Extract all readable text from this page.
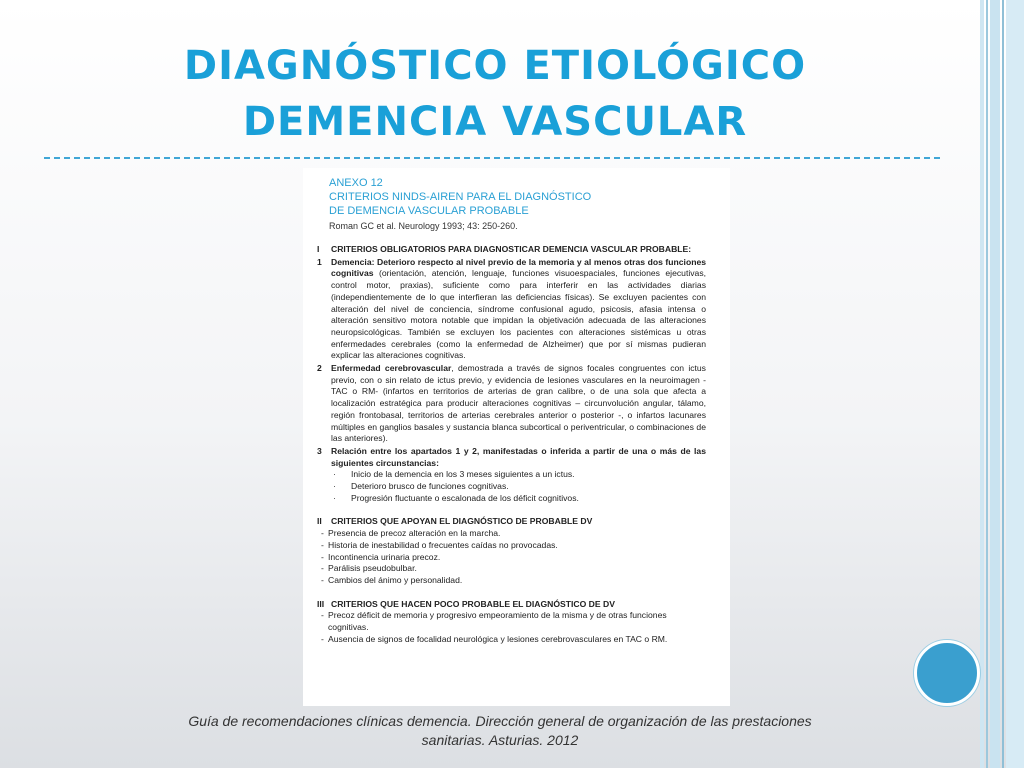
DIAGNÓSTICO ETIOLÓGICO
DEMENCIA VASCULAR
ANEXO 12
CRITERIOS NINDS-AIREN PARA EL DIAGNÓSTICO
DE DEMENCIA VASCULAR PROBABLE
Roman GC et al. Neurology 1993; 43: 250-260.
I	CRITERIOS OBLIGATORIOS PARA DIAGNOSTICAR DEMENCIA VASCULAR PROBABLE:
1	Demencia: Deterioro respecto al nivel previo de la memoria y al menos otras dos funciones cognitivas (orientación, atención, lenguaje, funciones visuoespaciales, funciones ejecutivas, control motor, praxias), suficiente como para interferir en las actividades diarias (independientemente de lo que interfieran las deficiencias físicas). Se excluyen pacientes con alteración del nivel de conciencia, síndrome confusional agudo, psicosis, afasia intensa o alteración sensitivo motora notable que impidan la objetivación adecuada de las alteraciones neuropsicológicas. También se excluyen los pacientes con alteraciones sistémicas u otras enfermedades cerebrales (como la enfermedad de Alzheimer) que por sí mismas pudieran explicar las alteraciones cognitivas.
2	Enfermedad cerebrovascular, demostrada a través de signos focales congruentes con ictus previo, con o sin relato de ictus previo, y evidencia de lesiones vasculares en la neuroimagen -TAC o RM- (infartos en territorios de arterias de gran calibre, o de una sola que afecta a localización estratégica para producir alteraciones cognitivas – circunvolución angular, tálamo, región frontobasal, territorios de arterias cerebrales anterior o posterior -, o infartos lacunares múltiples en ganglios basales y sustancia blanca subcortical o periventricular, o combinaciones de las anteriores).
3	Relación entre los apartados 1 y 2, manifestadas o inferida a partir de una o más de las siguientes circunstancias:
·	Inicio de la demencia en los 3 meses siguientes a un ictus.
·	Deterioro brusco de funciones cognitivas.
·	Progresión fluctuante o escalonada de los déficit cognitivos.
II	CRITERIOS QUE APOYAN EL DIAGNÓSTICO DE PROBABLE DV
- Presencia de precoz alteración en la marcha.
- Historia de inestabilidad o frecuentes caídas no provocadas.
- Incontinencia urinaria precoz.
- Parálisis pseudobulbar.
- Cambios del ánimo y personalidad.
III CRITERIOS QUE HACEN POCO PROBABLE EL DIAGNÓSTICO DE DV
- Precoz déficit de memoria y progresivo empeoramiento de la misma y de otras funciones cognitivas.
- Ausencia de signos de focalidad neurológica y lesiones cerebrovasculares en TAC o RM.
Guía de recomendaciones clínicas demencia. Dirección general de organización de las prestaciones
sanitarias. Asturias. 2012
